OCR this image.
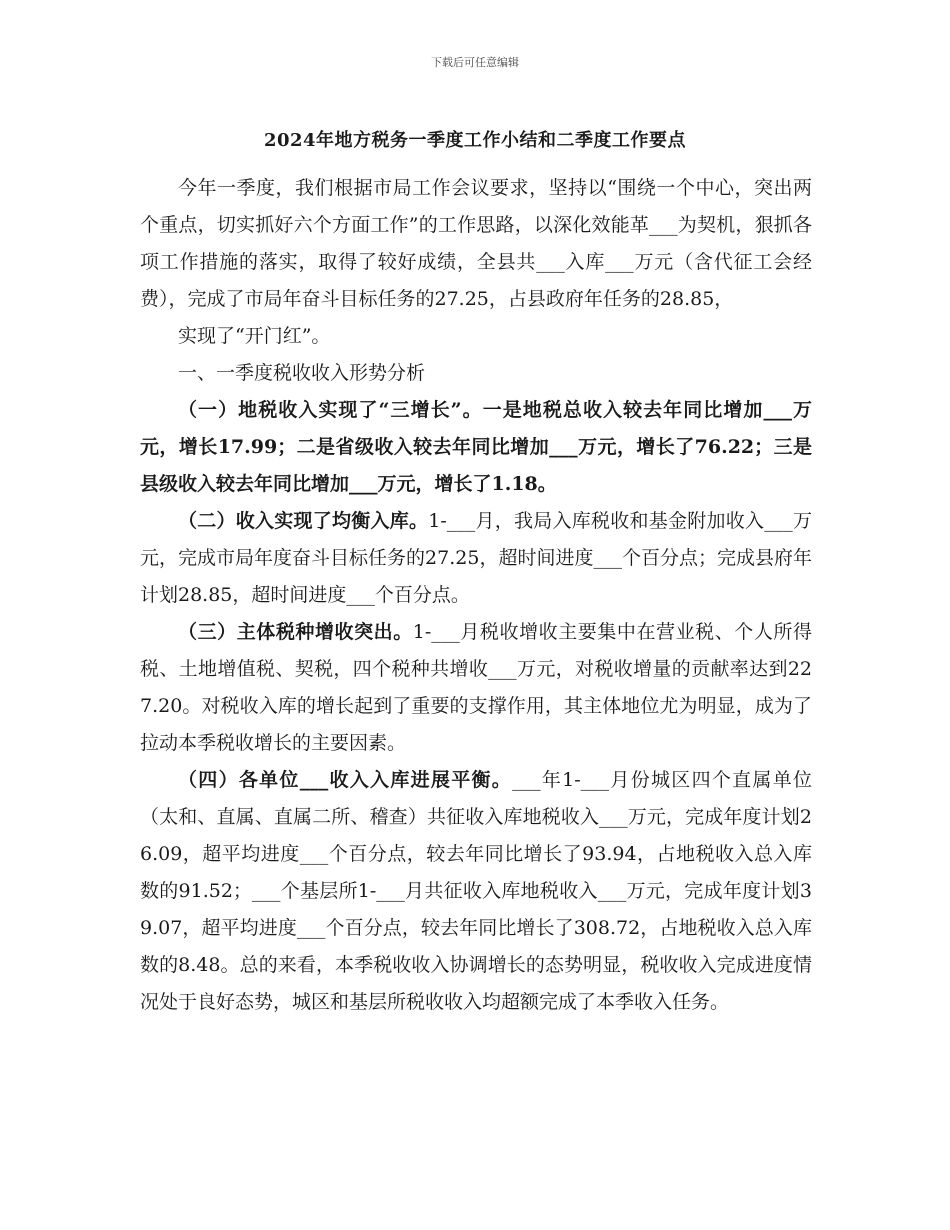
下载后可任意编辑
2024年地方税务一季度工作小结和二季度工作要点

今年一季度，我们根据市局工作会议要求，坚持以“围绕一个中心，突出两个重点，切实抓好六个方面工作”的工作思路，以深化效能革___为契机，狠抓各项工作措施的落实，取得了较好成绩，全县共___入库___万元（含代征工会经费），完成了市局年奋斗目标任务的27.25，占县政府年任务的28.85，

实现了“开门红”。

一、一季度税收收入形势分析

（一）地税收入实现了“三增长”。一是地税总收入较去年同比增加___万元，增长17.99；二是省级收入较去年同比增加___万元，增长了76.22；三是县级收入较去年同比增加___万元，增长了1.18。

（二）收入实现了均衡入库。1-___月，我局入库税收和基金附加收入___万元，完成市局年度奋斗目标任务的27.25，超时间进度___个百分点；完成县府年计划28.85，超时间进度___个百分点。

（三）主体税种增收突出。1-___月税收增收主要集中在营业税、个人所得税、土地增值税、契税，四个税种共增收___万元，对税收增量的贡献率达到227.20。对税收入库的增长起到了重要的支撑作用，其主体地位尤为明显，成为了拉动本季税收增长的主要因素。

（四）各单位___收入入库进展平衡。___年1-___月份城区四个直属单位（太和、直属、直属二所、稽查）共征收入库地税收入___万元，完成年度计划26.09，超平均进度___个百分点，较去年同比增长了93.94，占地税收入总入库数的91.52；___个基层所1-___月共征收入库地税收入___万元，完成年度计划39.07，超平均进度___个百分点，较去年同比增长了308.72，占地税收入总入库数的8.48。总的来看，本季税收收入协调增长的态势明显，税收收入完成进度情况处于良好态势，城区和基层所税收收入均超额完成了本季收入任务。
